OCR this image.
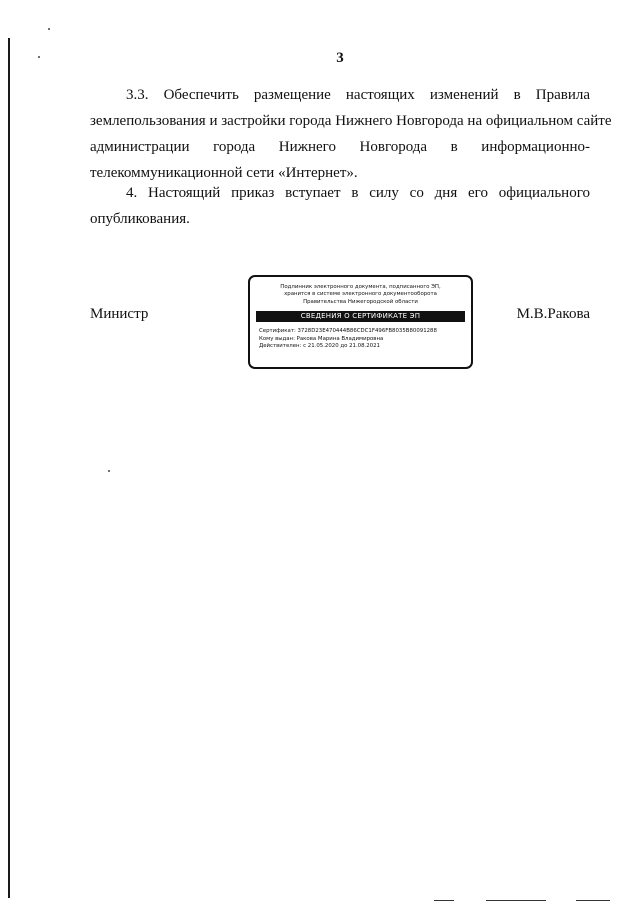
3
3.3. Обеспечить размещение настоящих изменений в Правила
землепользования и застройки города Нижнего Новгорода на официальном сайте
администрации города Нижнего Новгорода в информационно-
телекоммуникационной сети «Интернет».
4. Настоящий приказ вступает в силу со дня его официального
опубликования.
Министр	М.В.Ракова
Подлинник электронного документа, подписанного ЭП,
хранится в системе электронного документооборота
Правительства Нижегородской области
СВЕДЕНИЯ О СЕРТИФИКАТЕ ЭП
Сертификат: 3728D23E470444B86CDC1F496FB8035B80091288
Кому выдан: Ракова Марина Владимировна
Действителен: с 21.05.2020 до 21.08.2021
